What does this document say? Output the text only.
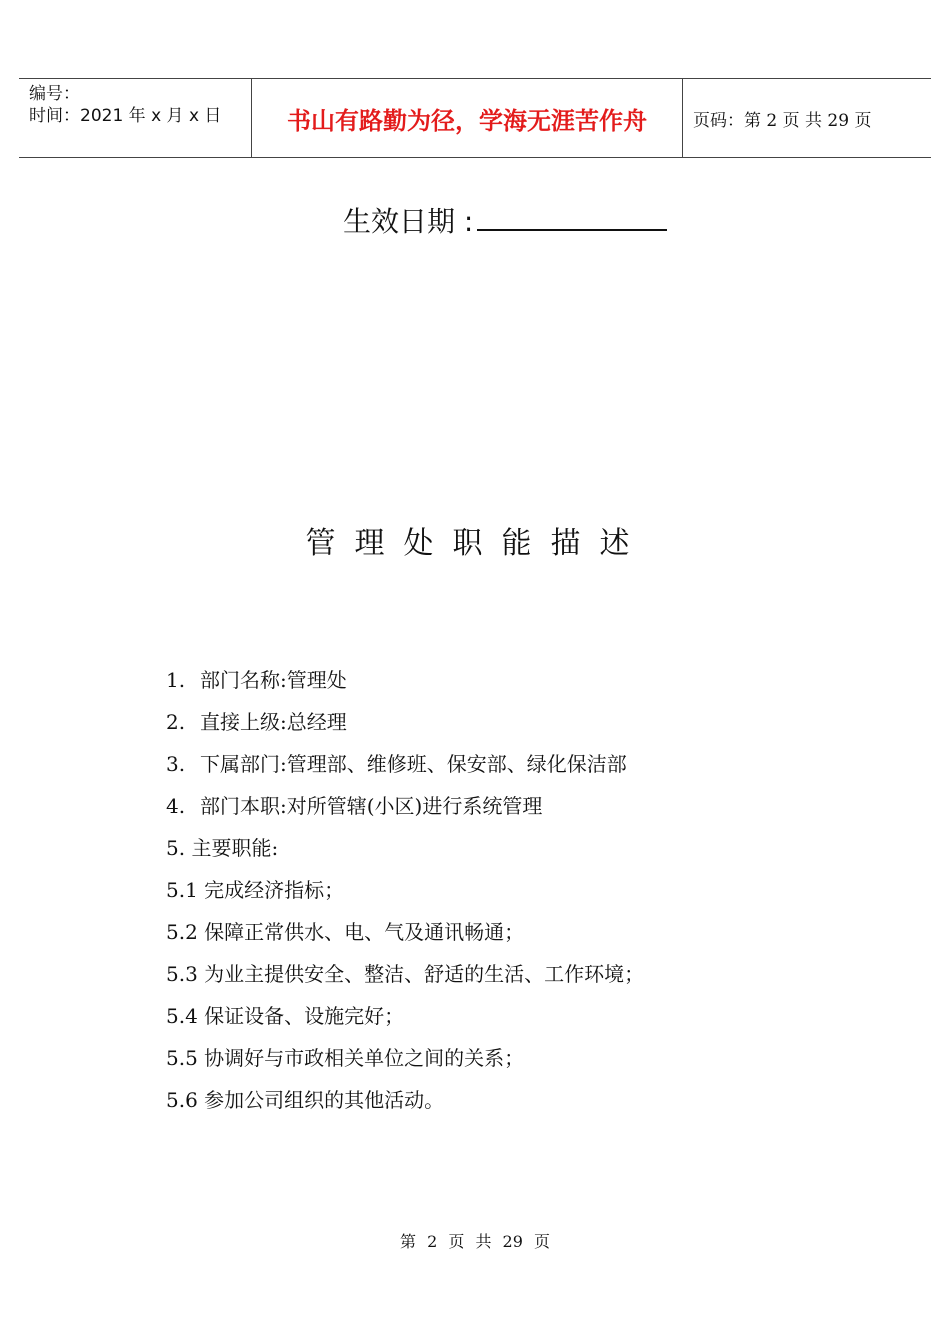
编号：
时间：2021 年 x 月 x 日	书山有路勤为径，学海无涯苦作舟	页码：第 2 页 共 29 页
生效日期 :
管理处职能描述
1. 部门名称:管理处
2. 直接上级:总经理
3. 下属部门:管理部、维修班、保安部、绿化保洁部
4. 部门本职:对所管辖(小区)进行系统管理
5. 主要职能:
5.1 完成经济指标；
5.2 保障正常供水、电、气及通讯畅通；
5.3 为业主提供安全、整洁、舒适的生活、工作环境；
5.4 保证设备、设施完好；
5.5 协调好与市政相关单位之间的关系；
5.6 参加公司组织的其他活动。
第 2 页 共 29 页
